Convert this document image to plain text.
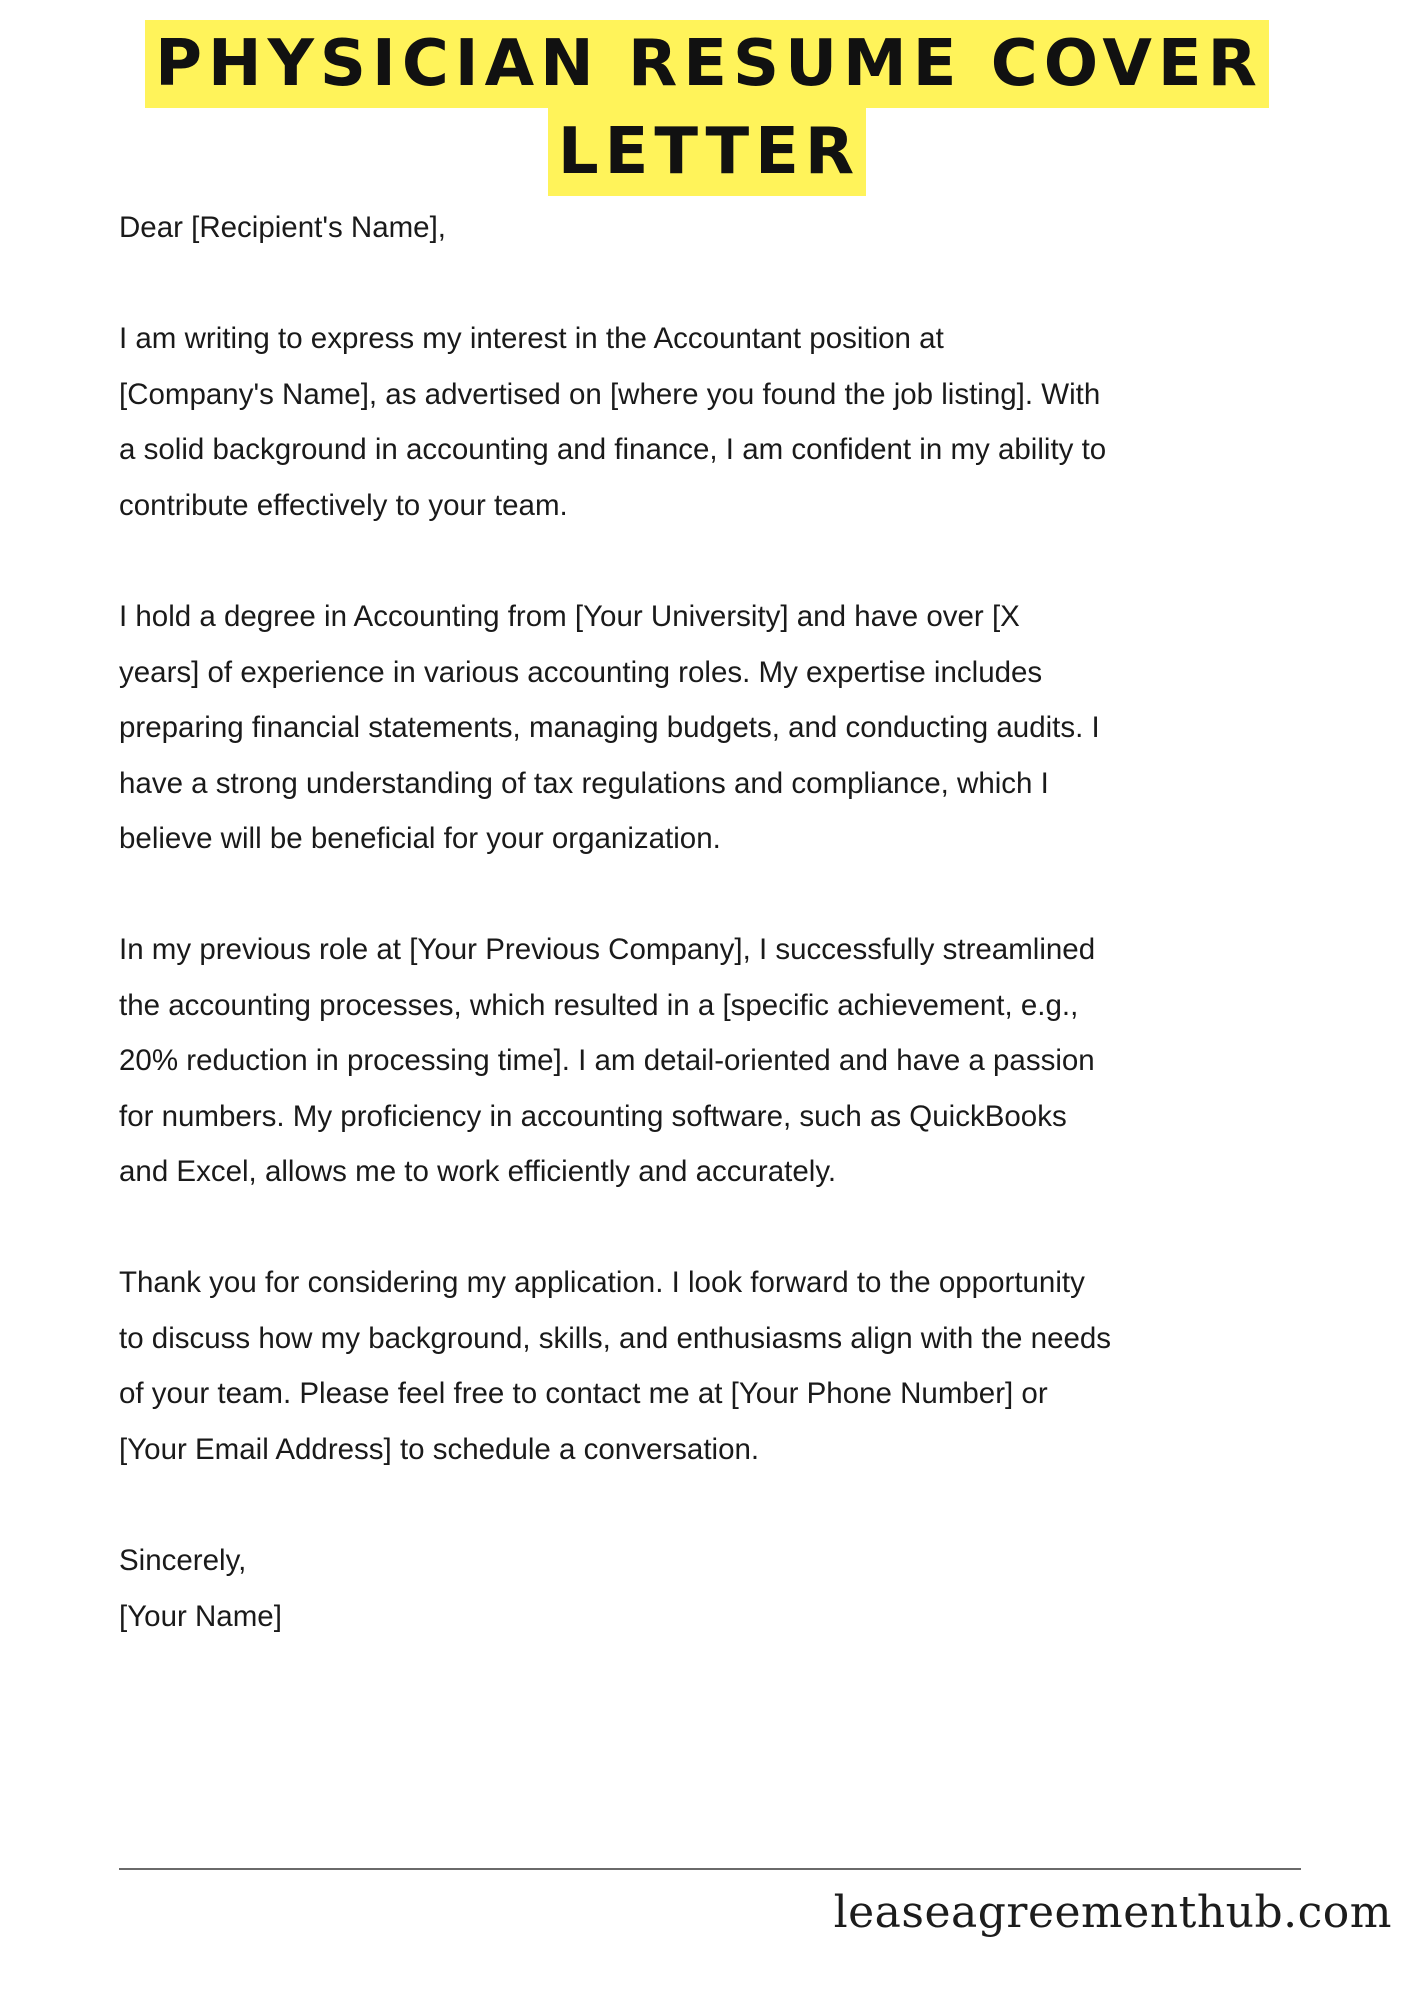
PHYSICIAN RESUME COVER
LETTER
Dear [Recipient's Name],
I am writing to express my interest in the Accountant position at
[Company's Name], as advertised on [where you found the job listing]. With
a solid background in accounting and finance, I am confident in my ability to
contribute effectively to your team.
I hold a degree in Accounting from [Your University] and have over [X
years] of experience in various accounting roles. My expertise includes
preparing financial statements, managing budgets, and conducting audits. I
have a strong understanding of tax regulations and compliance, which I
believe will be beneficial for your organization.
In my previous role at [Your Previous Company], I successfully streamlined
the accounting processes, which resulted in a [specific achievement, e.g.,
20% reduction in processing time]. I am detail-oriented and have a passion
for numbers. My proficiency in accounting software, such as QuickBooks
and Excel, allows me to work efficiently and accurately.
Thank you for considering my application. I look forward to the opportunity
to discuss how my background, skills, and enthusiasms align with the needs
of your team. Please feel free to contact me at [Your Phone Number] or
[Your Email Address] to schedule a conversation.
Sincerely,
[Your Name]
leaseagreementhub.com
